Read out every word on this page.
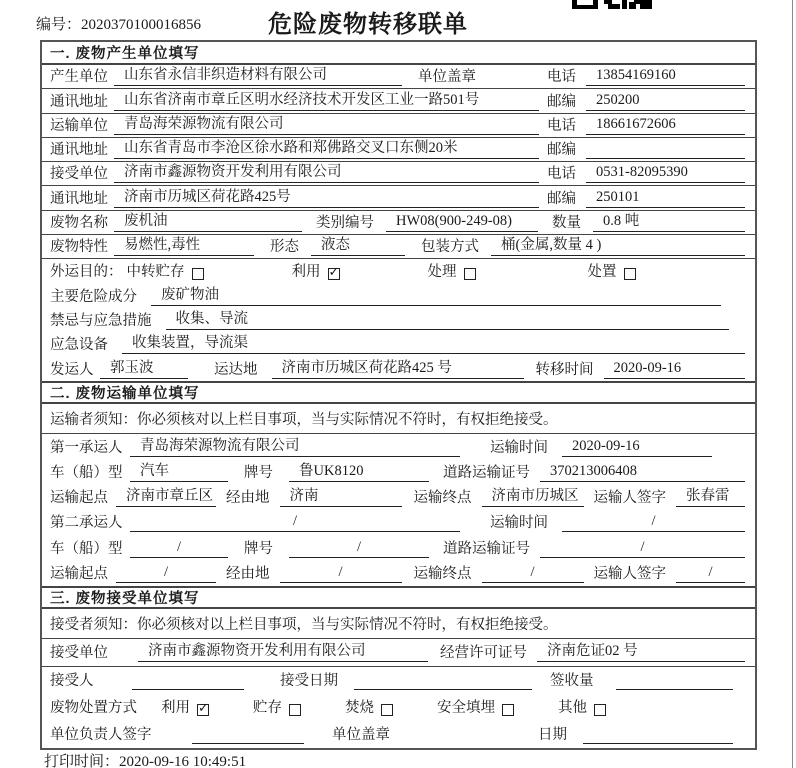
编号：2020370100016856	危险废物转移联单
一. 废物产生单位填写
产生单位	山东省永信非织造材料有限公司	单位盖章	电话	13854169160
通讯地址	山东省济南市章丘区明水经济技术开发区工业一路501号	邮编	250200
运输单位	青岛海荣源物流有限公司	电话	18661672606
通讯地址	山东省青岛市李沧区徐水路和郑佛路交叉口东侧20米	邮编
接受单位	济南市鑫源物资开发利用有限公司	电话	0531-82095390
通讯地址	济南市历城区荷花路425号	邮编	250101
废物名称	废机油	类别编号	HW08(900-249-08)	数量	0.8 吨
废物特性	易燃性,毒性	形态	液态	包装方式	桶(金属,数量 4 )
外运目的： 中转贮存	利用 ✓	处理	处置
主要危险成分	废矿物油
禁忌与应急措施	收集、导流
应急设备	收集装置，导流渠
发运人	郭玉波	运达地	济南市历城区荷花路425 号	转移时间	2020-09-16
二. 废物运输单位填写
运输者须知：你必须核对以上栏目事项，当与实际情况不符时，有权拒绝接受。
第一承运人	青岛海荣源物流有限公司	运输时间	2020-09-16
车（船）型	汽车	牌号	鲁UK8120	道路运输证号	370213006408
运输起点	济南市章丘区 经由地	济南	运输终点	济南市历城区	运输人签字	张春雷
第二承运人	/	运输时间	/
车（船）型	/	牌号	/	道路运输证号	/
运输起点	/	经由地	/	运输终点	/	运输人签字	/
三. 废物接受单位填写
接受者须知：你必须核对以上栏目事项，当与实际情况不符时，有权拒绝接受。
接受单位	济南市鑫源物资开发利用有限公司	经营许可证号	济南危证02 号
接受人	接受日期	签收量
废物处置方式 利用 ✓	贮存	焚烧	安全填埋	其他
单位负责人签字	单位盖章	日期
打印时间：2020-09-16 10:49:51
